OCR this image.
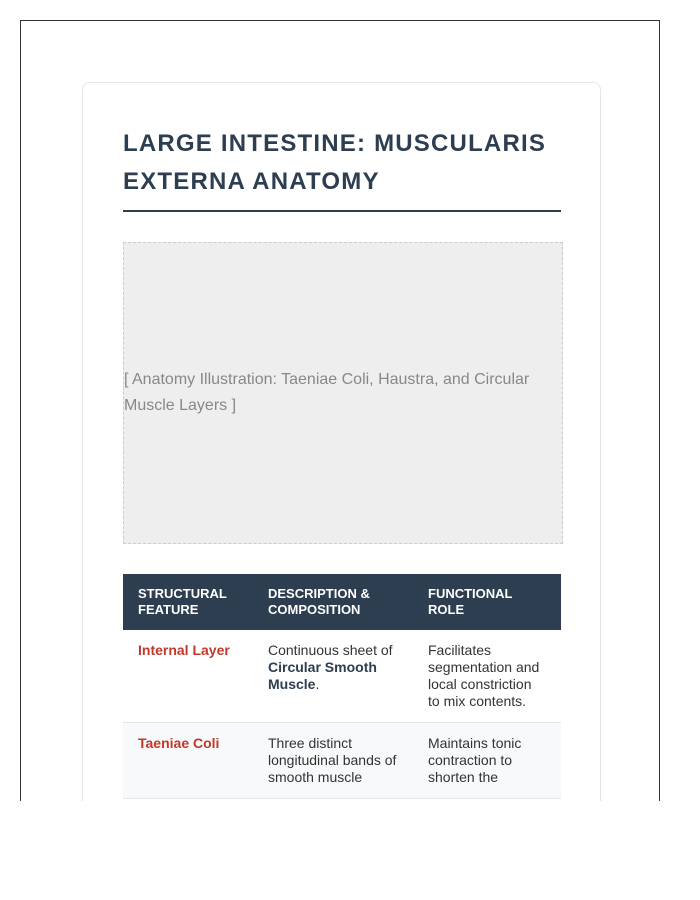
LARGE INTESTINE: MUSCULARIS EXTERNA ANATOMY
[ Anatomy Illustration: Taeniae Coli, Haustra, and Circular Muscle Layers ]
STRUCTURAL FEATURE	DESCRIPTION & COMPOSITION	FUNCTIONAL ROLE
Internal Layer	Continuous sheet of Circular Smooth Muscle.	Facilitates segmentation and local constriction to mix contents.
Taeniae Coli	Three distinct longitudinal bands of smooth muscle	Maintains tonic contraction to shorten the
